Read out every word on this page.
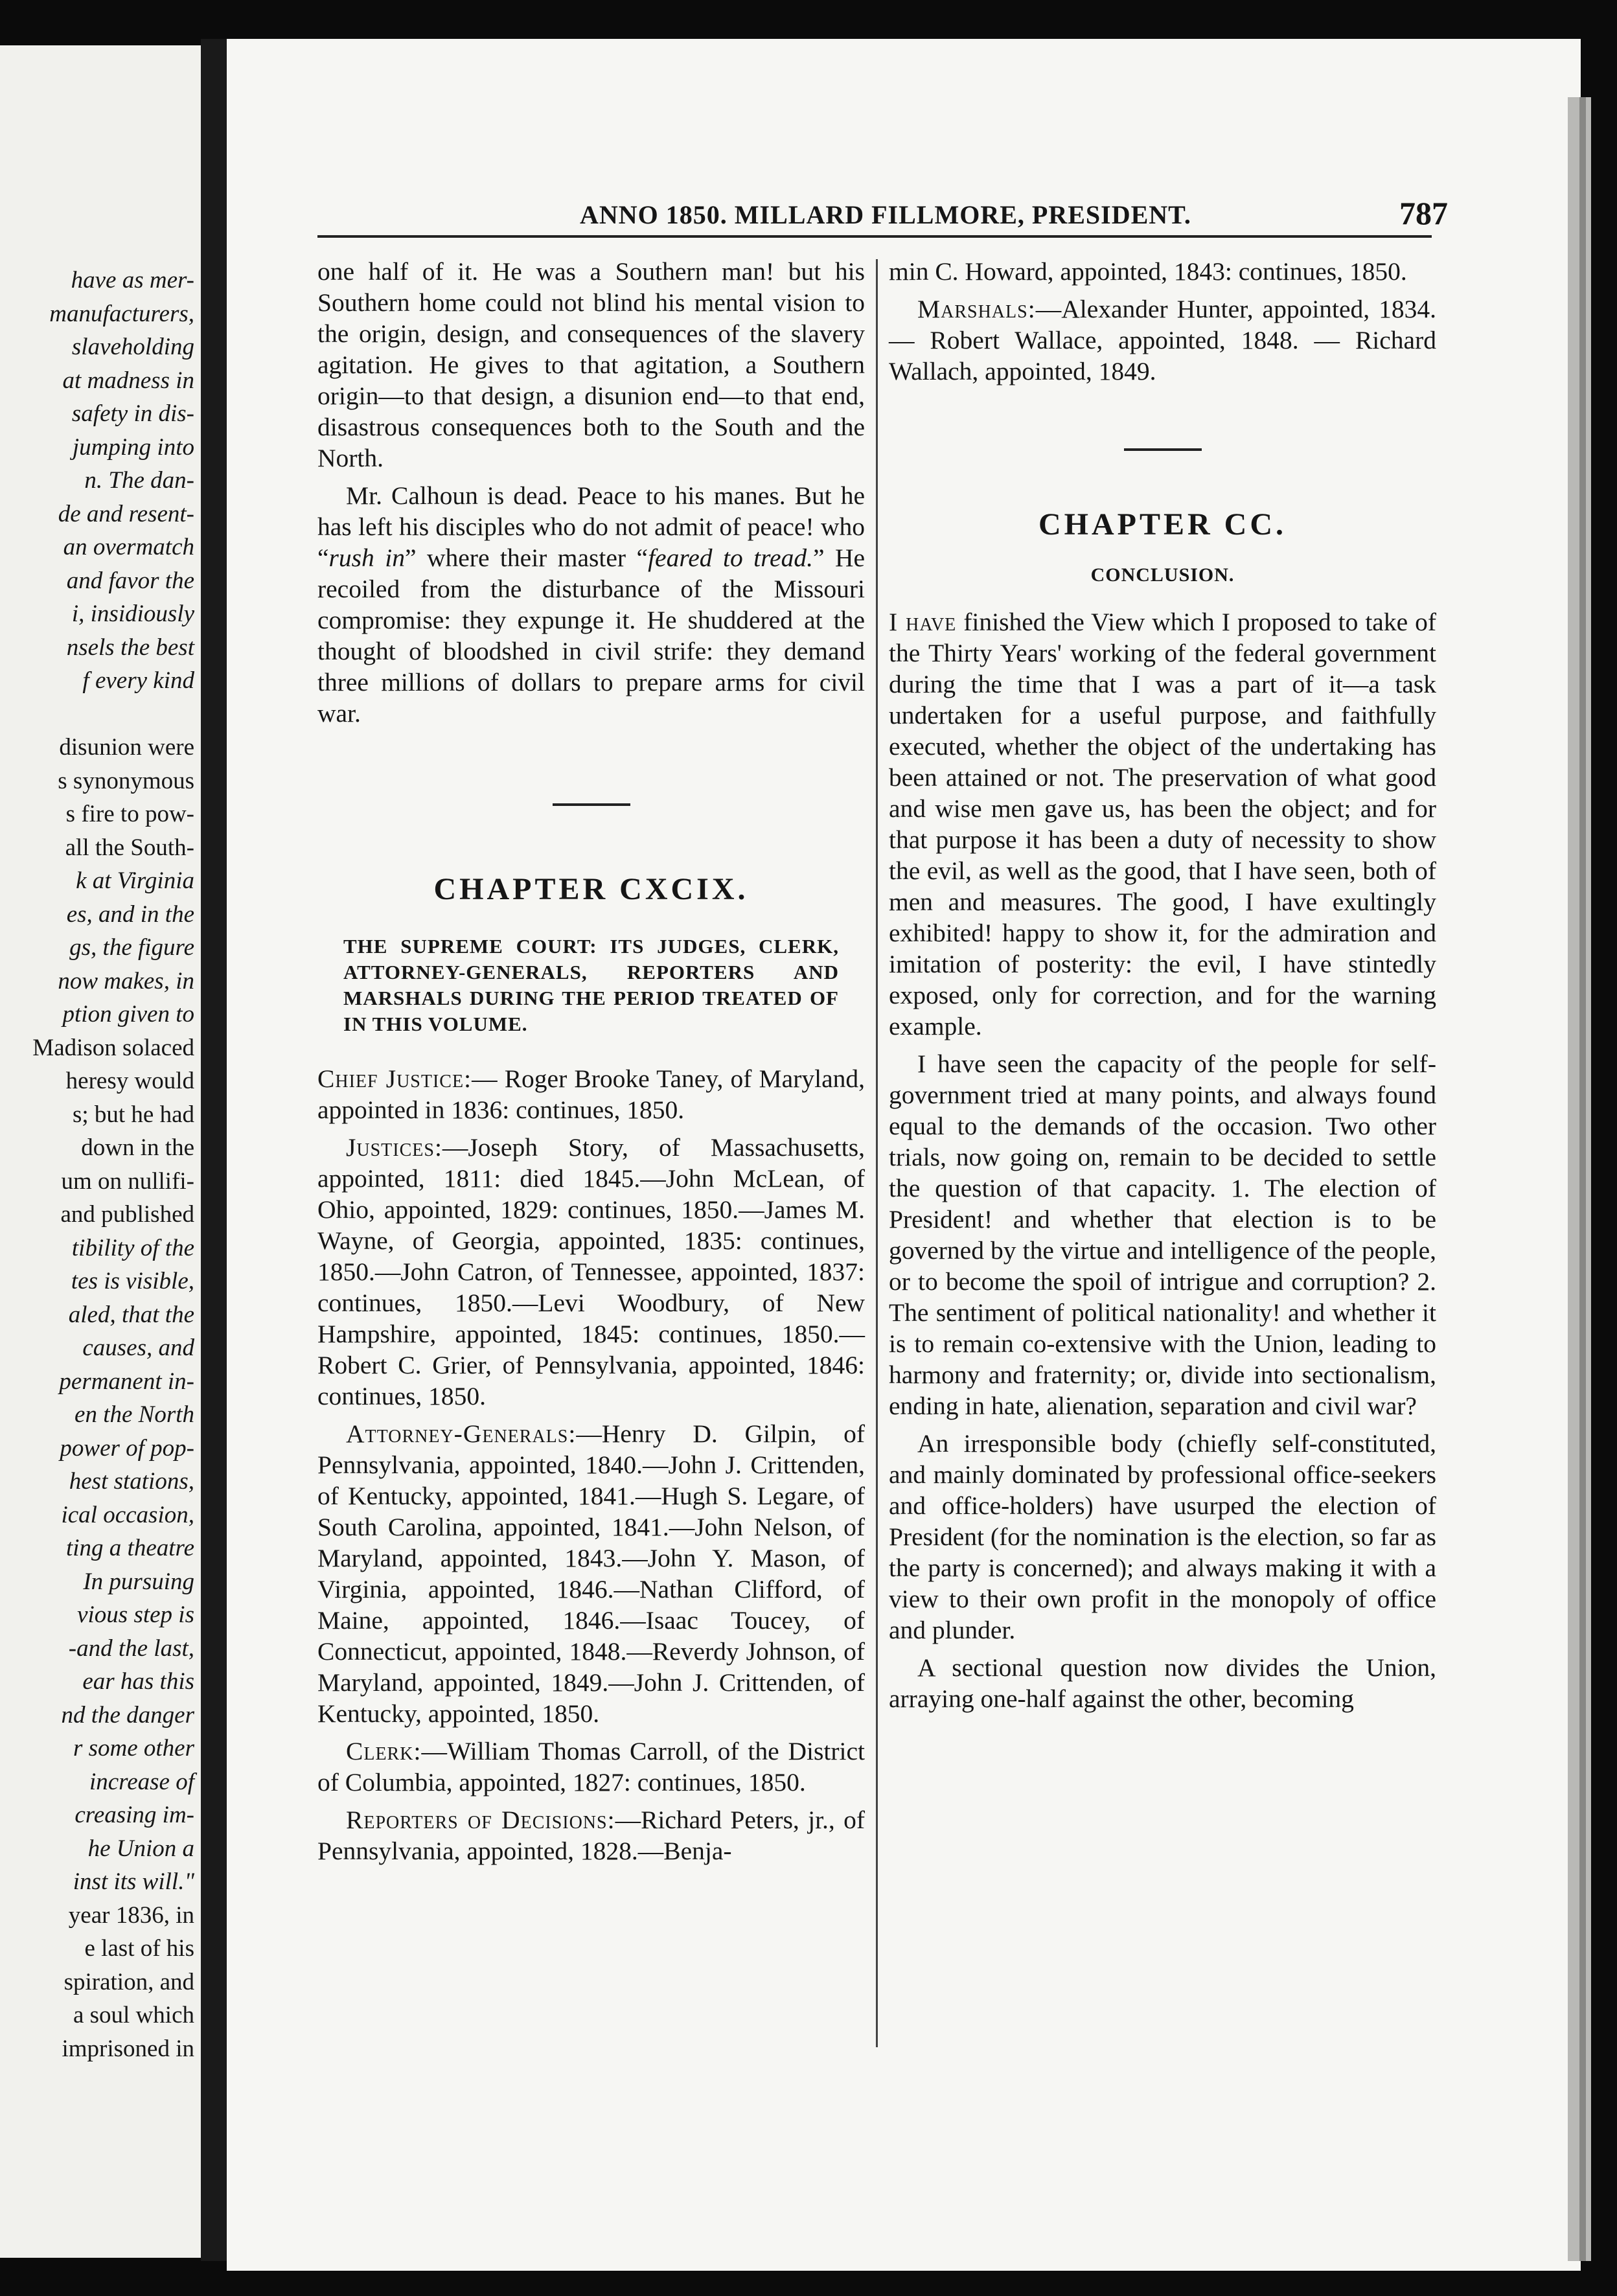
have as mer-
manufacturers,
slaveholding
at madness in
safety in dis-
jumping into
n. The dan-
de and resent-
an overmatch
and favor the
i, insidiously
nsels the best
f every kind
disunion were
s synonymous
s fire to pow-
all the South-
k at Virginia
es, and in the
gs, the figure
now makes, in
ption given to
Madison solaced
heresy would
s; but he had
down in the
um on nullifi-
and published
tibility of the
tes is visible,
aled, that the
causes, and
permanent in-
en the North
power of pop-
hest stations,
ical occasion,
ting a theatre
In pursuing
vious step is
-and the last,
ear has this
nd the danger
r some other
increase of
creasing im-
he Union a
inst its will."
year 1836, in
e last of his
spiration, and
a soul which
imprisoned in
ANNO 1850. MILLARD FILLMORE, PRESIDENT.	787

one half of it. He was a Southern man! but his Southern home could not blind his mental vision to the origin, design, and consequences of the slavery agitation. He gives to that agitation, a Southern origin—to that design, a disunion end—to that end, disastrous consequences both to the South and the North.

Mr. Calhoun is dead. Peace to his manes. But he has left his disciples who do not admit of peace! who “rush in” where their master “feared to tread.” He recoiled from the disturbance of the Missouri compromise: they expunge it. He shuddered at the thought of bloodshed in civil strife: they demand three millions of dollars to prepare arms for civil war.

CHAPTER CXCIX.

THE SUPREME COURT: ITS JUDGES, CLERK, ATTORNEY-GENERALS, REPORTERS AND MARSHALS DURING THE PERIOD TREATED OF IN THIS VOLUME.

Chief Justice:— Roger Brooke Taney, of Maryland, appointed in 1836: continues, 1850.

Justices:—Joseph Story, of Massachusetts, appointed, 1811: died 1845.—John McLean, of Ohio, appointed, 1829: continues, 1850.—James M. Wayne, of Georgia, appointed, 1835: continues, 1850.—John Catron, of Tennessee, appointed, 1837: continues, 1850.—Levi Woodbury, of New Hampshire, appointed, 1845: continues, 1850.—Robert C. Grier, of Pennsylvania, appointed, 1846: continues, 1850.

Attorney-Generals:—Henry D. Gilpin, of Pennsylvania, appointed, 1840.—John J. Crittenden, of Kentucky, appointed, 1841.—Hugh S. Legare, of South Carolina, appointed, 1841.—John Nelson, of Maryland, appointed, 1843.—John Y. Mason, of Virginia, appointed, 1846.—Nathan Clifford, of Maine, appointed, 1846.—Isaac Toucey, of Connecticut, appointed, 1848.—Reverdy Johnson, of Maryland, appointed, 1849.—John J. Crittenden, of Kentucky, appointed, 1850.

Clerk:—William Thomas Carroll, of the District of Columbia, appointed, 1827: continues, 1850.

Reporters of Decisions:—Richard Peters, jr., of Pennsylvania, appointed, 1828.—Benja-

min C. Howard, appointed, 1843: continues, 1850.

Marshals:—Alexander Hunter, appointed, 1834. — Robert Wallace, appointed, 1848. — Richard Wallach, appointed, 1849.

CHAPTER CC.

CONCLUSION.

I have finished the View which I proposed to take of the Thirty Years' working of the federal government during the time that I was a part of it—a task undertaken for a useful purpose, and faithfully executed, whether the object of the undertaking has been attained or not. The preservation of what good and wise men gave us, has been the object; and for that purpose it has been a duty of necessity to show the evil, as well as the good, that I have seen, both of men and measures. The good, I have exultingly exhibited! happy to show it, for the admiration and imitation of posterity: the evil, I have stintedly exposed, only for correction, and for the warning example.

I have seen the capacity of the people for self-government tried at many points, and always found equal to the demands of the occasion. Two other trials, now going on, remain to be decided to settle the question of that capacity. 1. The election of President! and whether that election is to be governed by the virtue and intelligence of the people, or to become the spoil of intrigue and corruption? 2. The sentiment of political nationality! and whether it is to remain co-extensive with the Union, leading to harmony and fraternity; or, divide into sectionalism, ending in hate, alienation, separation and civil war?

An irresponsible body (chiefly self-constituted, and mainly dominated by professional office-seekers and office-holders) have usurped the election of President (for the nomination is the election, so far as the party is concerned); and always making it with a view to their own profit in the monopoly of office and plunder.

A sectional question now divides the Union, arraying one-half against the other, becoming
